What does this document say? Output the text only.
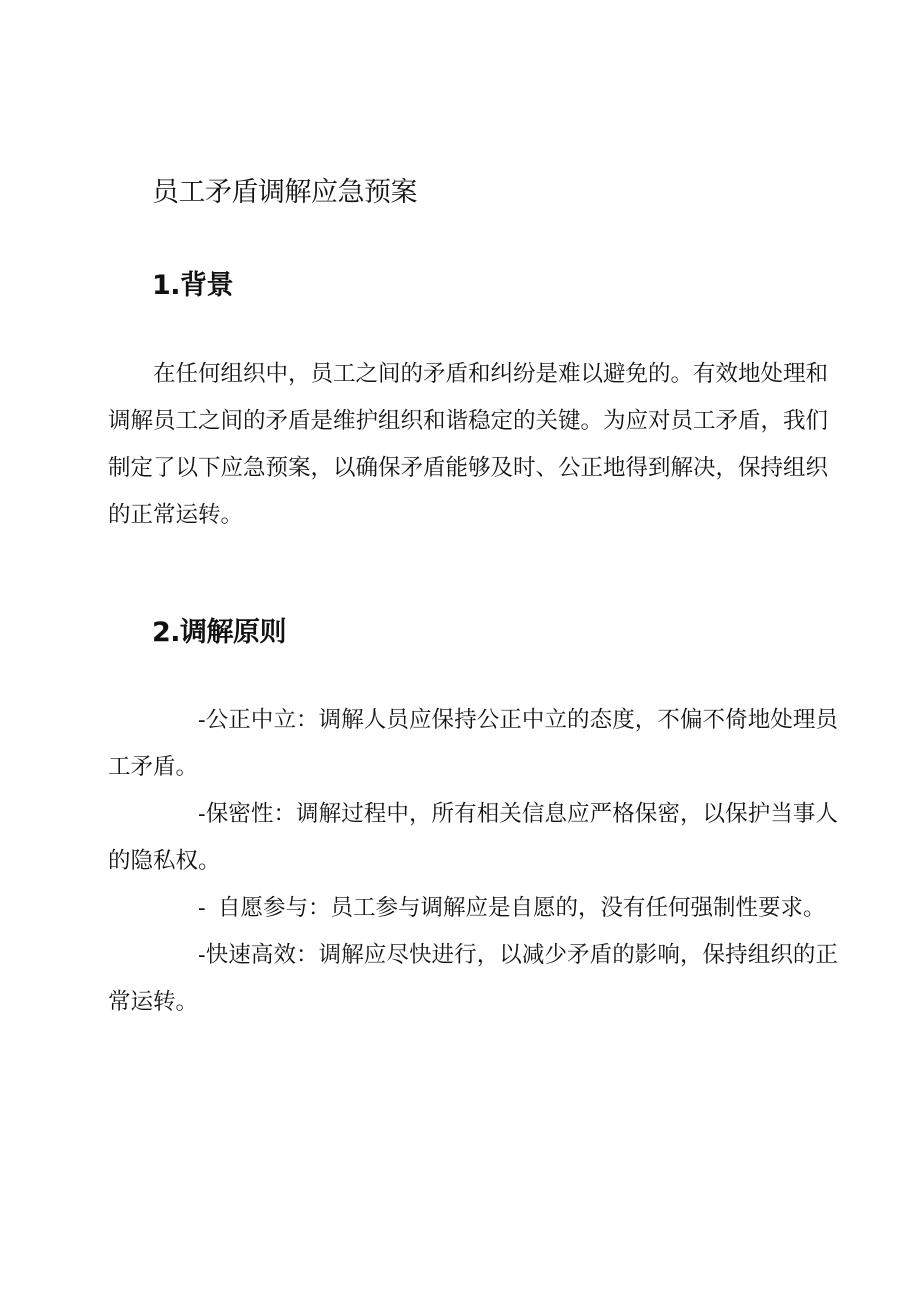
员工矛盾调解应急预案
1.背景

在任何组织中，员工之间的矛盾和纠纷是难以避免的。有效地处理和调解员工之间的矛盾是维护组织和谐稳定的关键。为应对员工矛盾，我们制定了以下应急预案，以确保矛盾能够及时、公正地得到解决，保持组织的正常运转。

2.调解原则

-公正中立：调解人员应保持公正中立的态度，不偏不倚地处理员工矛盾。

-保密性：调解过程中，所有相关信息应严格保密，以保护当事人的隐私权。

- 自愿参与：员工参与调解应是自愿的，没有任何强制性要求。

-快速高效：调解应尽快进行，以减少矛盾的影响，保持组织的正常运转。
